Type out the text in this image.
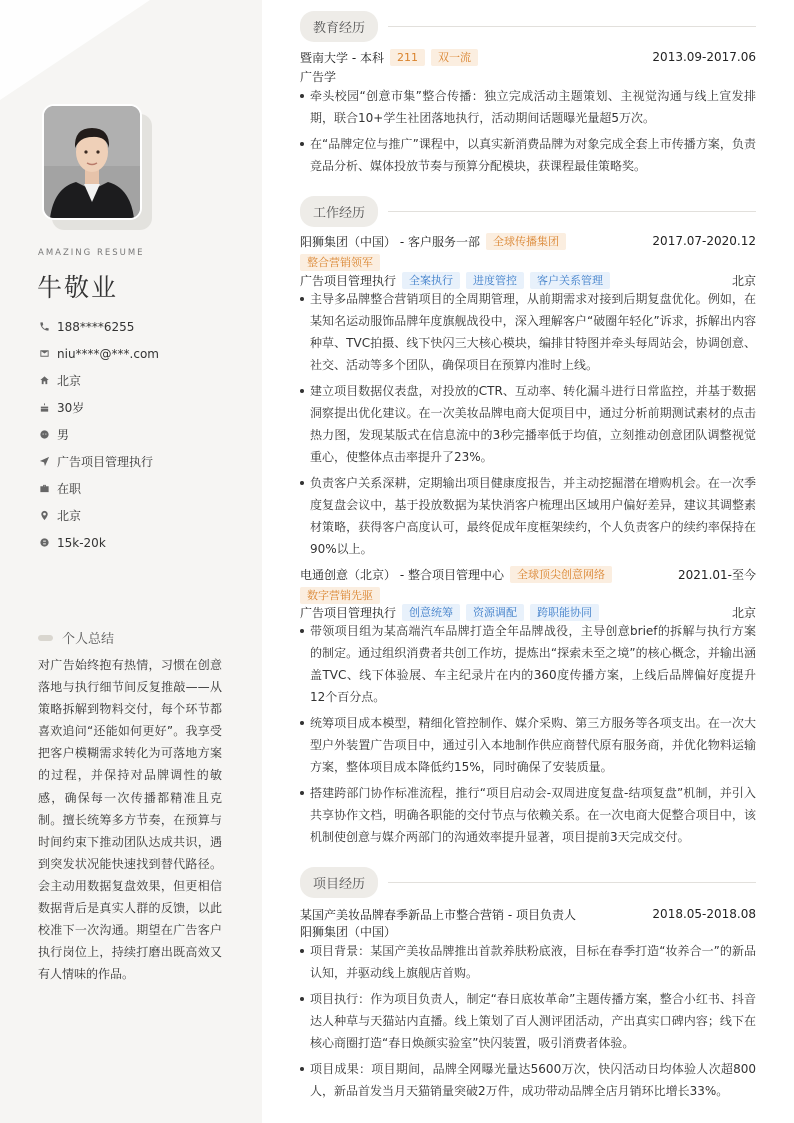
AMAZING RESUME
牛敬业
188****6255
niu****@***.com
北京
30岁
男
广告项目管理执行
在职
北京
15k-20k
个人总结
对广告始终抱有热情，习惯在创意落地与执行细节间反复推敲——从策略拆解到物料交付，每个环节都喜欢追问“还能如何更好”。我享受把客户模糊需求转化为可落地方案的过程，并保持对品牌调性的敏感，确保每一次传播都精准且克制。擅长统筹多方节奏，在预算与时间约束下推动团队达成共识，遇到突发状况能快速找到替代路径。会主动用数据复盘效果，但更相信数据背后是真实人群的反馈，以此校准下一次沟通。期望在广告客户执行岗位上，持续打磨出既高效又有人情味的作品。
教育经历
暨南大学 - 本科	211	双一流	2013.09-2017.06
广告学
牵头校园“创意市集”整合传播：独立完成活动主题策划、主视觉沟通与线上宣发排期，联合10+学生社团落地执行，活动期间话题曝光量超5万次。
在“品牌定位与推广”课程中，以真实新消费品牌为对象完成全套上市传播方案，负责竞品分析、媒体投放节奏与预算分配模块，获课程最佳策略奖。
工作经历
阳狮集团（中国） - 客户服务一部	全球传播集团	2017.07-2020.12
整合营销领军
广告项目管理执行	全案执行	进度管控	客户关系管理	北京
主导多品牌整合营销项目的全周期管理，从前期需求对接到后期复盘优化。例如，在某知名运动服饰品牌年度旗舰战役中，深入理解客户“破圈年轻化”诉求，拆解出内容种草、TVC拍摄、线下快闪三大核心模块，编排甘特图并牵头每周站会，协调创意、社交、活动等多个团队，确保项目在预算内准时上线。
建立项目数据仪表盘，对投放的CTR、互动率、转化漏斗进行日常监控，并基于数据洞察提出优化建议。在一次美妆品牌电商大促项目中，通过分析前期测试素材的点击热力图，发现某版式在信息流中的3秒完播率低于均值，立刻推动创意团队调整视觉重心，使整体点击率提升了23%。
负责客户关系深耕，定期输出项目健康度报告，并主动挖掘潜在增购机会。在一次季度复盘会议中，基于投放数据为某快消客户梳理出区域用户偏好差异，建议其调整素材策略，获得客户高度认可，最终促成年度框架续约，个人负责客户的续约率保持在90%以上。
电通创意（北京） - 整合项目管理中心	全球顶尖创意网络	2021.01-至今
数字营销先驱
广告项目管理执行	创意统筹	资源调配	跨职能协同	北京
带领项目组为某高端汽车品牌打造全年品牌战役，主导创意brief的拆解与执行方案的制定。通过组织消费者共创工作坊，提炼出“探索未至之境”的核心概念，并输出涵盖TVC、线下体验展、车主纪录片在内的360度传播方案，上线后品牌偏好度提升12个百分点。
统筹项目成本模型，精细化管控制作、媒介采购、第三方服务等各项支出。在一次大型户外装置广告项目中，通过引入本地制作供应商替代原有服务商，并优化物料运输方案，整体项目成本降低约15%，同时确保了安装质量。
搭建跨部门协作标准流程，推行“项目启动会-双周进度复盘-结项复盘”机制，并引入共享协作文档，明确各职能的交付节点与依赖关系。在一次电商大促整合项目中，该机制使创意与媒介两部门的沟通效率提升显著，项目提前3天完成交付。
项目经历
某国产美妆品牌春季新品上市整合营销 - 项目负责人	2018.05-2018.08
阳狮集团（中国）
项目背景：某国产美妆品牌推出首款养肤粉底液，目标在春季打造“妆养合一”的新品认知，并驱动线上旗舰店首购。
项目执行：作为项目负责人，制定“春日底妆革命”主题传播方案，整合小红书、抖音达人种草与天猫站内直播。线上策划了百人测评团活动，产出真实口碑内容；线下在核心商圈打造“春日焕颜实验室”快闪装置，吸引消费者体验。
项目成果：项目期间，品牌全网曝光量达5600万次，快闪活动日均体验人次超800人，新品首发当月天猫销量突破2万件，成功带动品牌全店月销环比增长33%。
